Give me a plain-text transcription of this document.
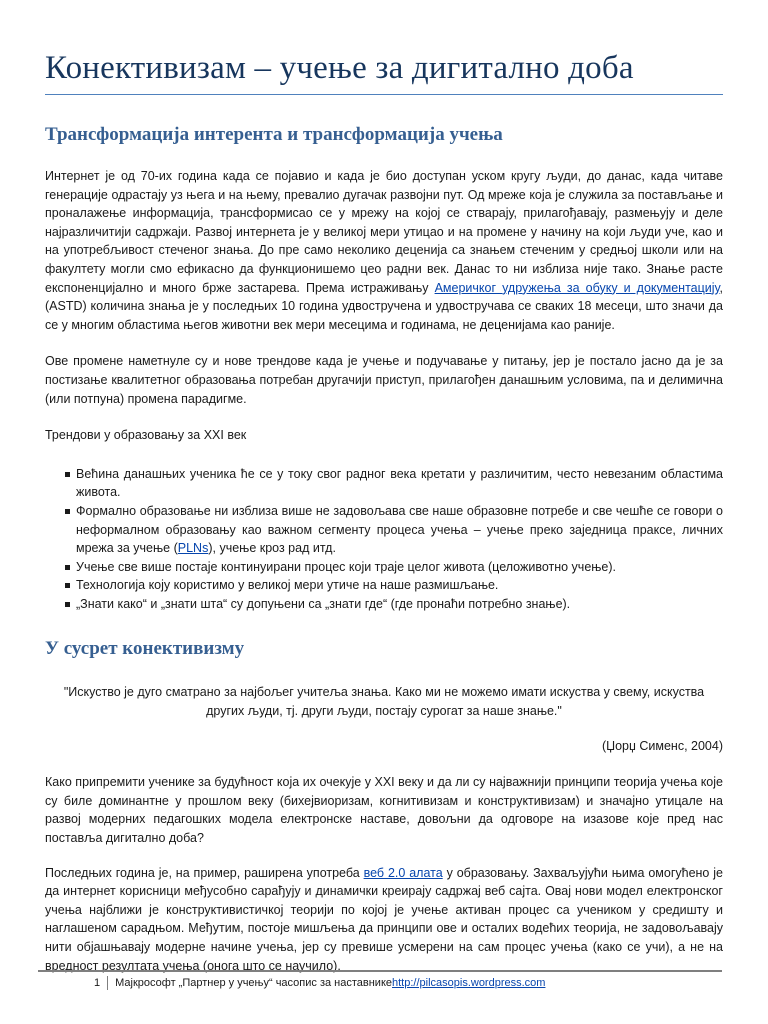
Конективизам – учење за дигитално доба
Трансформација интерента и трансформација учења

Интернет је од 70-их година када се појавио и када је био доступан уском кругу људи, до данас, када читаве генерације одрастају уз њега и на њему, превалио дугачак развојни пут. Од мреже која је служила за постављање и проналажење информација, трансформисао се у мрежу на којој се стварају, прилагођавају, размењују и деле најразличитији садржаји. Развој интернета је у великој мери утицао и на промене у начину на који људи уче, као и на употребљивост стеченог знања. До пре само неколико деценија са знањем стеченим у средњој школи или на факултету могли смо ефикасно да функционишемо цео радни век. Данас то ни изблиза није тако. Знање расте експоненцијално и много брже застарева. Према истраживању Америчког удружења за обуку и документацију, (ASTD) количина знања је у последњих 10 година удвостручена и удвостручава се сваких 18 месеци, што значи да се у многим областима његов животни век мери месецима и годинама, не деценијама као раније.

Ове промене наметнуле су и нове трендове када је учење и подучавање у питању, јер је постало јасно да је за постизање квалитетног образовања потребан другачији приступ, прилагођен данашњим условима, па и делимична (или потпуна) промена парадигме.

Трендови у образовању за XXI век

Већина данашњих ученика ће се у току свог радног века кретати у различитим, често невезаним областима живота.
Формално образовање ни изблиза више не задовољава све наше образовне потребе и све чешће се говори о неформалном образовању као важном сегменту процеса учења – учење преко заједница праксе, личних мрежа за учење (PLNs), учење кроз рад итд.
Учење све више постаје континуирани процес који траје целог живота (целоживотно учење).
Технологија коју користимо у великој мери утиче на наше размишљање.
„Знати како“ и „знати шта“ су допуњени са „знати где“ (где пронаћи потребно знање).
У сусрет конективизму

"Искуство је дуго сматрано за најбољег учитеља знања. Како ми не можемо имати искуства у свему, искуства других људи, тј. други људи, постају сурогат за наше знање."

(Џорџ Сименс, 2004)

Како припремити ученике за будућност која их очекује у XXI веку и да ли су најважнији принципи теорија учења које су биле доминантне у прошлом веку (бихејвиоризам, когнитивизам и конструктивизам) и значајно утицале на развој модерних педагошких модела електронске наставе, довољни да одговоре на изазове које пред нас поставља дигитално доба?

Последњих година је, на пример, раширена употреба веб 2.0 алата у образовању. Захваљујући њима омогућено је да интернет корисници међусобно сарађују и динамички креирају садржај веб сајта. Овај нови модел електронског учења најближи је конструктивистичкој теорији по којој је учење активан процес са учеником у средишту и наглашеном сарадњом. Међутим, постоје мишљења да принципи ове и осталих водећих теорија, не задовољавају нити објашњавају модерне начине учења, јер су превише усмерени на сам процес учења (како се учи), а не на вредност резултата учења (онога што се научило).

1 Мајкрософт „Партнер у учењу“ часопис за наставникеhttp://pilcasopis.wordpress.com
